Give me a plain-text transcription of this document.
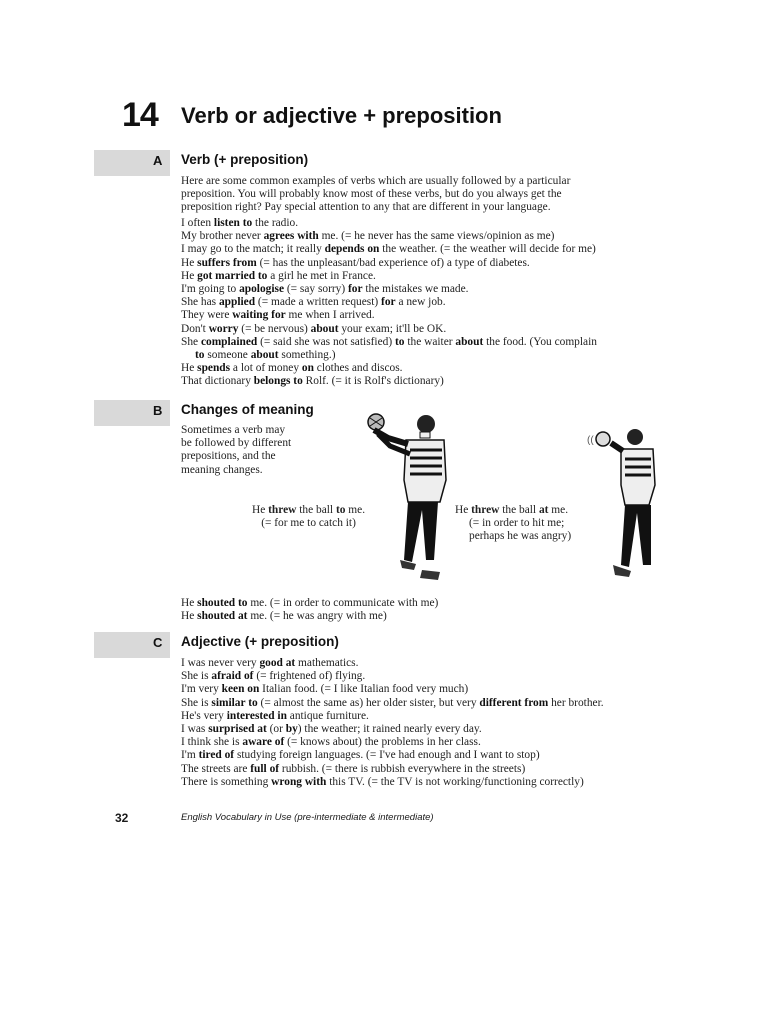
14 Verb or adjective + preposition
A Verb (+ preposition)
Here are some common examples of verbs which are usually followed by a particular
preposition. You will probably know most of these verbs, but do you always get the
preposition right? Pay special attention to any that are different in your language.
I often listen to the radio.
My brother never agrees with me. (= he never has the same views/opinion as me)
I may go to the match; it really depends on the weather. (= the weather will decide for me)
He suffers from (= has the unpleasant/bad experience of) a type of diabetes.
He got married to a girl he met in France.
I'm going to apologise (= say sorry) for the mistakes we made.
She has applied (= made a written request) for a new job.
They were waiting for me when I arrived.
Don't worry (= be nervous) about your exam; it'll be OK.
She complained (= said she was not satisfied) to the waiter about the food. (You complain
to someone about something.)
He spends a lot of money on clothes and discos.
That dictionary belongs to Rolf. (= it is Rolf's dictionary)
B Changes of meaning
Sometimes a verb may
be followed by different
prepositions, and the
meaning changes.
He threw the ball to me.
(= for me to catch it)
He threw the ball at me.
(= in order to hit me;
perhaps he was angry)
((
He shouted to me. (= in order to communicate with me)
He shouted at me. (= he was angry with me)
C Adjective (+ preposition)
I was never very good at mathematics.
She is afraid of (= frightened of) flying.
I'm very keen on Italian food. (= I like Italian food very much)
She is similar to (= almost the same as) her older sister, but very different from her brother.
He's very interested in antique furniture.
I was surprised at (or by) the weather; it rained nearly every day.
I think she is aware of (= knows about) the problems in her class.
I'm tired of studying foreign languages. (= I've had enough and I want to stop)
The streets are full of rubbish. (= there is rubbish everywhere in the streets)
There is something wrong with this TV. (= the TV is not working/functioning correctly)
32	English Vocabulary in Use (pre-intermediate & intermediate)
